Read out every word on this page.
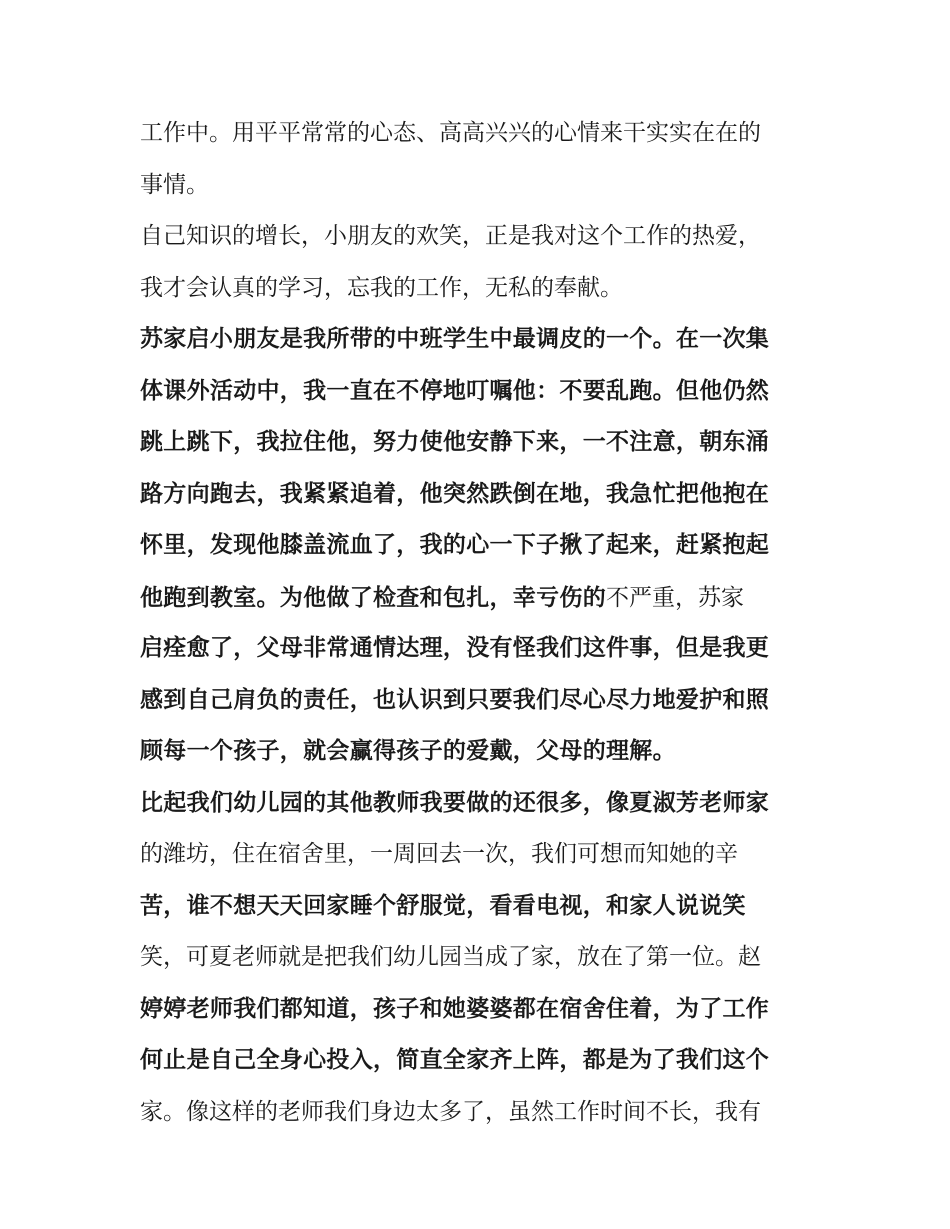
工作中。用平平常常的心态、高高兴兴的心情来干实实在在的
事情。
自己知识的增长，小朋友的欢笑，正是我对这个工作的热爱，
我才会认真的学习，忘我的工作，无私的奉献。
苏家启小朋友是我所带的中班学生中最调皮的一个。在一次集
体课外活动中，我一直在不停地叮嘱他：不要乱跑。但他仍然
跳上跳下，我拉住他，努力使他安静下来，一不注意，朝东涌
路方向跑去，我紧紧追着，他突然跌倒在地，我急忙把他抱在
怀里，发现他膝盖流血了，我的心一下子揪了起来，赶紧抱起
他跑到教室。为他做了检查和包扎，幸亏伤的不严重，苏家
启痊愈了，父母非常通情达理，没有怪我们这件事，但是我更
感到自己肩负的责任，也认识到只要我们尽心尽力地爱护和照
顾每一个孩子，就会赢得孩子的爱戴，父母的理解。
比起我们幼儿园的其他教师我要做的还很多，像夏淑芳老师家
的潍坊，住在宿舍里，一周回去一次，我们可想而知她的辛
苦，谁不想天天回家睡个舒服觉，看看电视，和家人说说笑
笑，可夏老师就是把我们幼儿园当成了家，放在了第一位。赵
婷婷老师我们都知道，孩子和她婆婆都在宿舍住着，为了工作
何止是自己全身心投入，简直全家齐上阵，都是为了我们这个
家。像这样的老师我们身边太多了，虽然工作时间不长，我有
